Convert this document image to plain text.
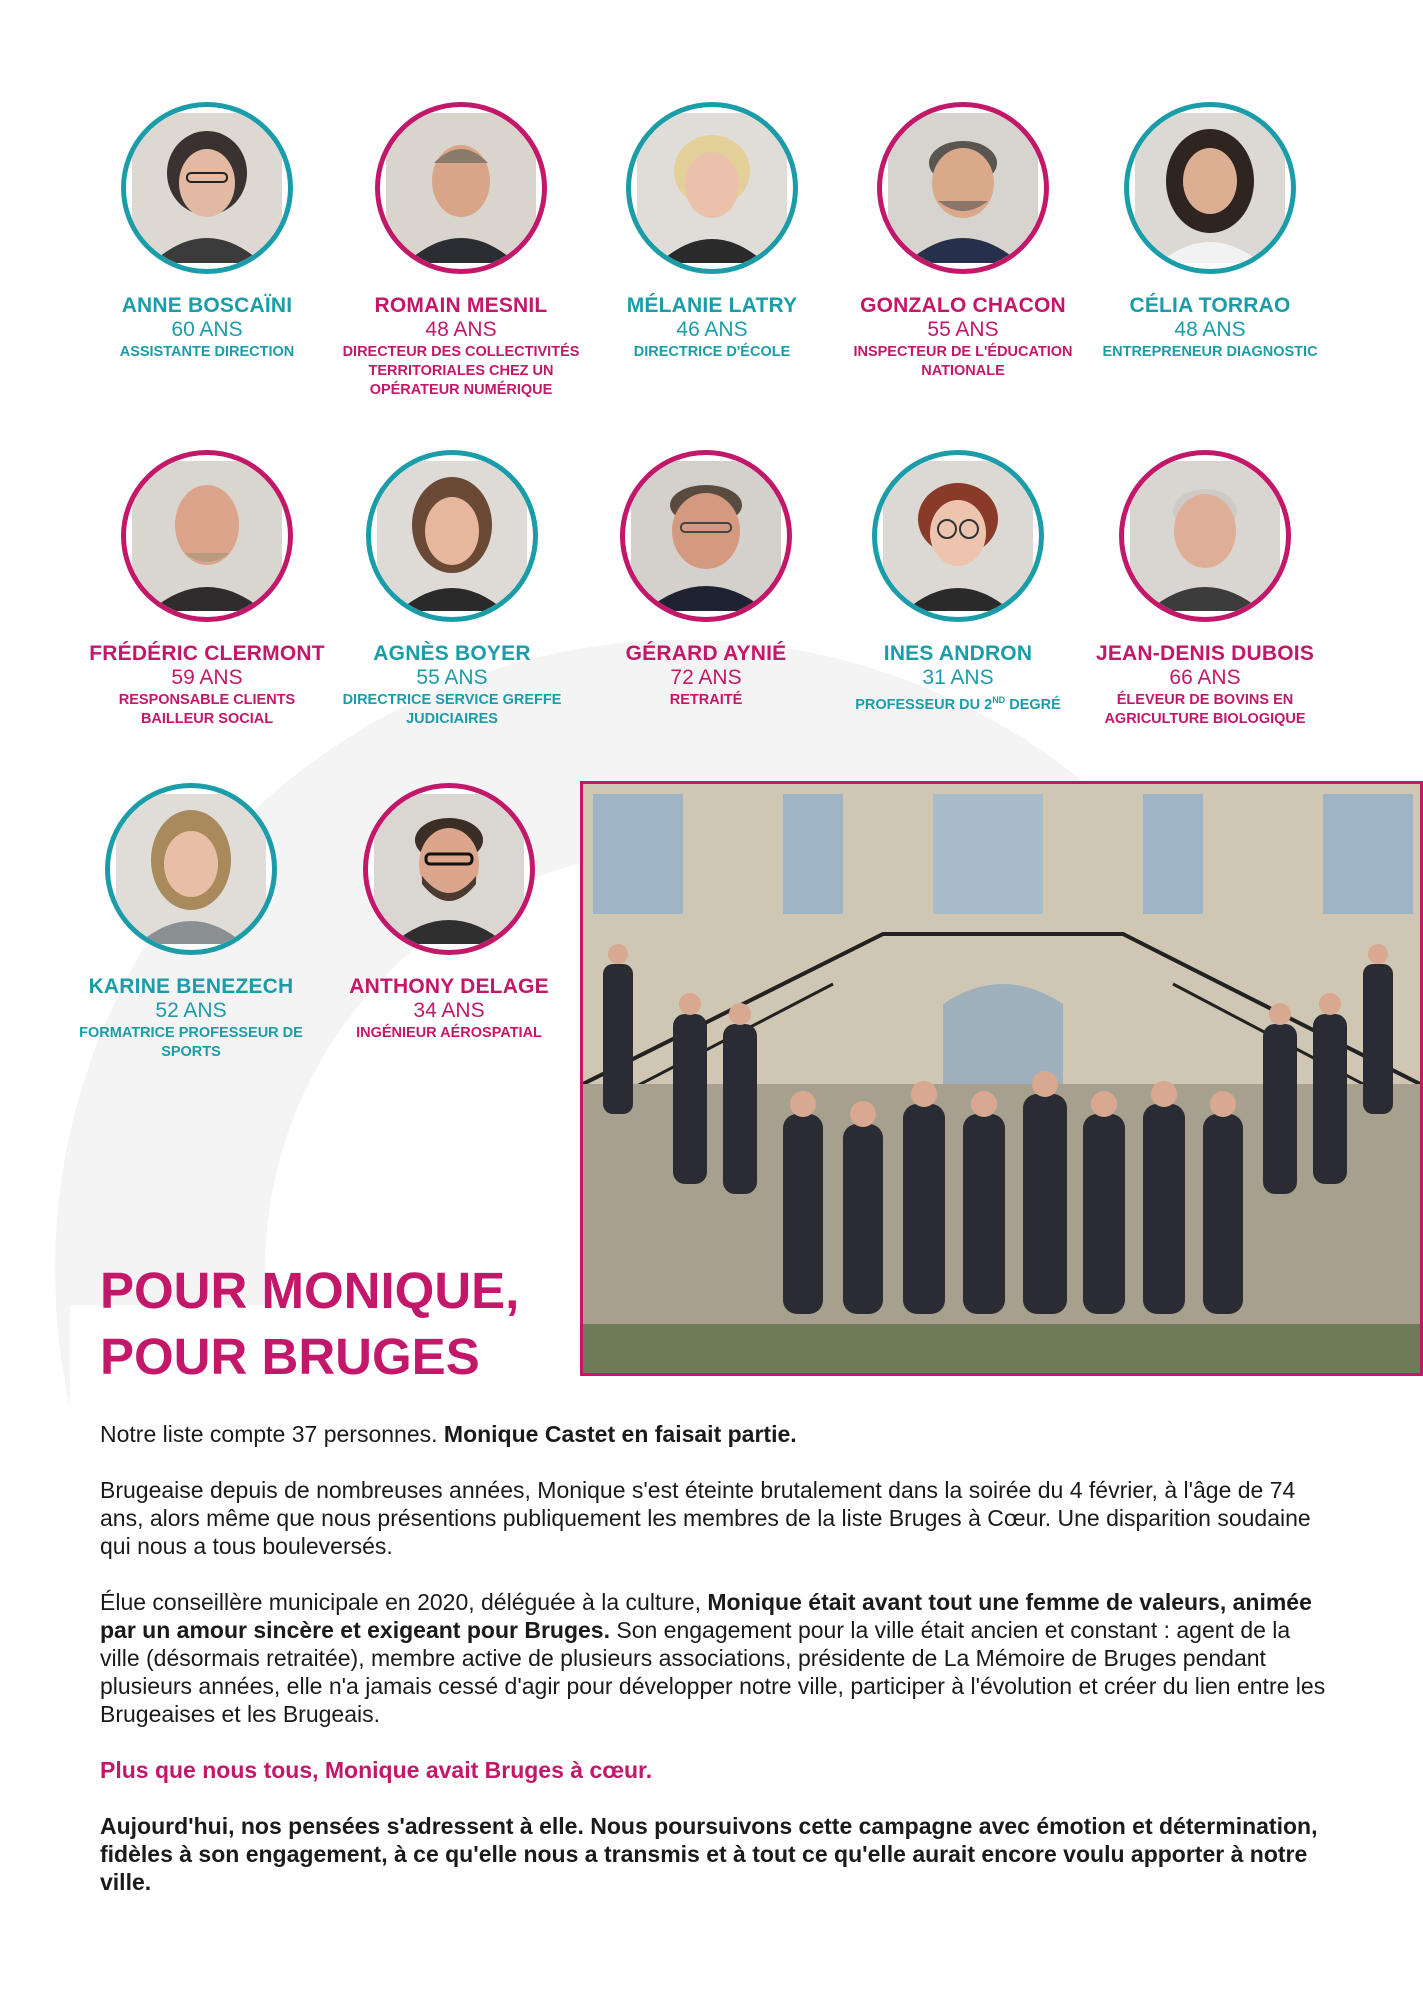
ANNE BOSCAÏNI
60 ANS
ASSISTANTE DIRECTION
ROMAIN MESNIL
48 ANS
DIRECTEUR DES COLLECTIVITÉS TERRITORIALES CHEZ UN OPÉRATEUR NUMÉRIQUE
MÉLANIE LATRY
46 ANS
DIRECTRICE D'ÉCOLE
GONZALO CHACON
55 ANS
INSPECTEUR DE L'ÉDUCATION NATIONALE
CÉLIA TORRAO
48 ANS
ENTREPRENEUR DIAGNOSTIC
FRÉDÉRIC CLERMONT
59 ANS
RESPONSABLE CLIENTS BAILLEUR SOCIAL
AGNÈS BOYER
55 ANS
DIRECTRICE SERVICE GREFFE JUDICIAIRES
GÉRARD AYNIÉ
72 ANS
RETRAITÉ
INES ANDRON
31 ANS
PROFESSEUR DU 2ND DEGRÉ
JEAN-DENIS DUBOIS
66 ANS
ÉLEVEUR DE BOVINS EN AGRICULTURE BIOLOGIQUE
KARINE BENEZECH
52 ANS
FORMATRICE PROFESSEUR DE SPORTS
ANTHONY DELAGE
34 ANS
INGÉNIEUR AÉROSPATIAL
POUR MONIQUE,
POUR BRUGES

Notre liste compte 37 personnes. Monique Castet en faisait partie.

Brugeaise depuis de nombreuses années, Monique s'est éteinte brutalement dans la soirée du 4 février, à l'âge de 74 ans, alors même que nous présentions publiquement les membres de la liste Bruges à Cœur. Une disparition soudaine qui nous a tous bouleversés.

Élue conseillère municipale en 2020, déléguée à la culture, Monique était avant tout une femme de valeurs, animée par un amour sincère et exigeant pour Bruges. Son engagement pour la ville était ancien et constant : agent de la ville (désormais retraitée), membre active de plusieurs associations, présidente de La Mémoire de Bruges pendant plusieurs années, elle n'a jamais cessé d'agir pour développer notre ville, participer à l'évolution et créer du lien entre les Brugeaises et les Brugeais.

Plus que nous tous, Monique avait Bruges à cœur.

Aujourd'hui, nos pensées s'adressent à elle. Nous poursuivons cette campagne avec émotion et détermination, fidèles à son engagement, à ce qu'elle nous a transmis et à tout ce qu'elle aurait encore voulu apporter à notre ville.
